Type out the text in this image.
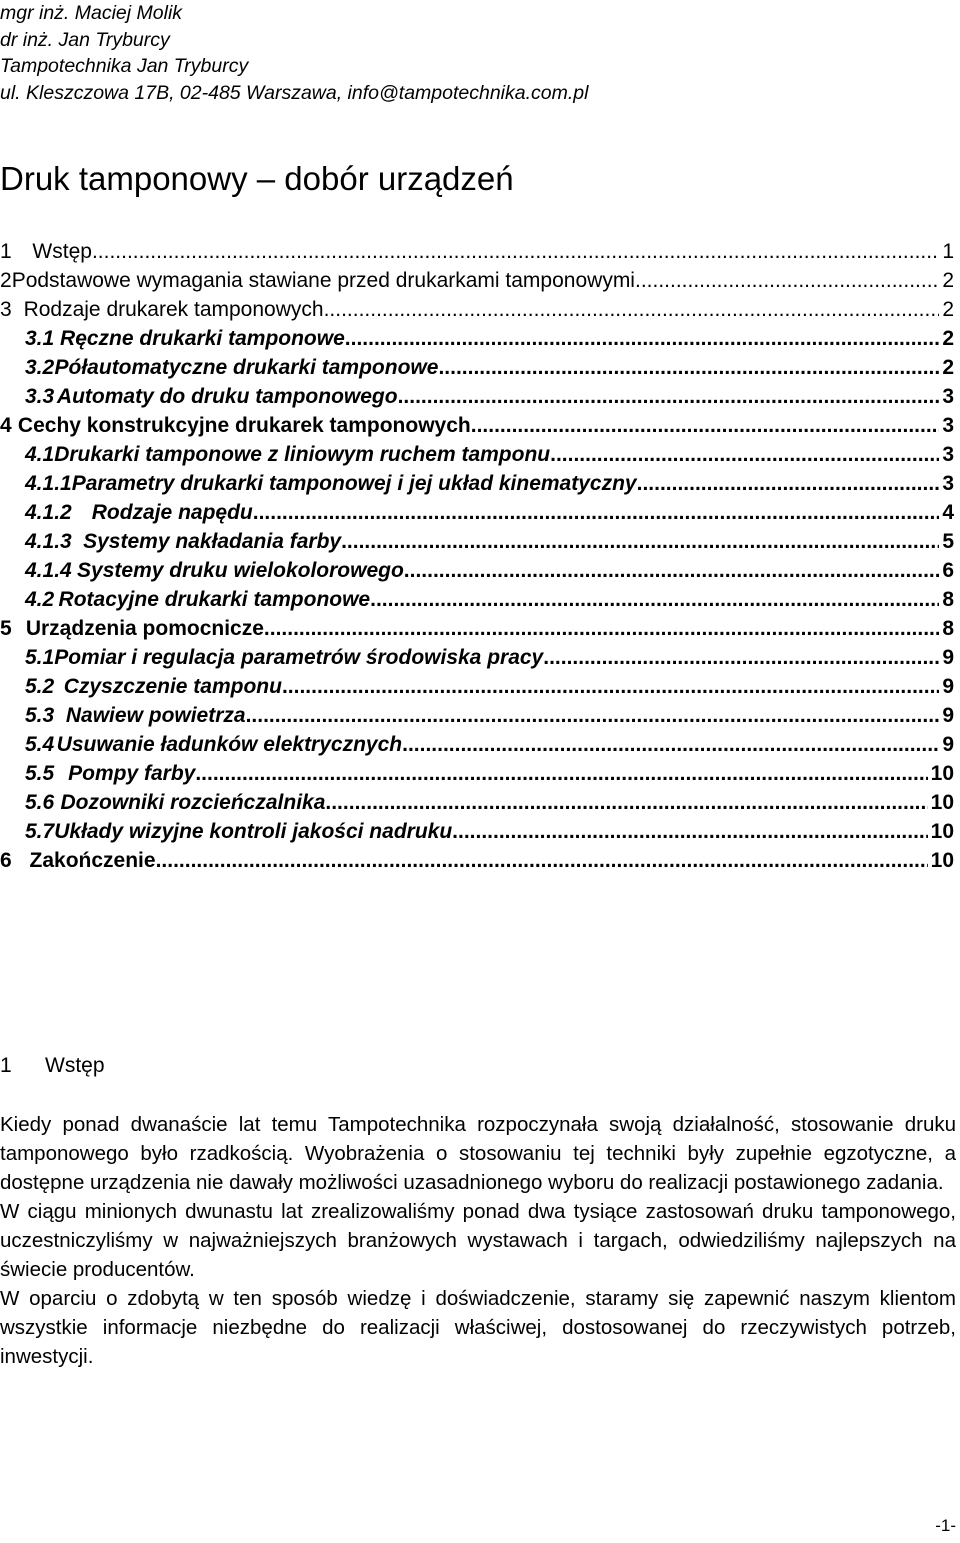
mgr inż. Maciej Molik

dr inż. Jan Tryburcy

Tampotechnika Jan Tryburcy

ul. Kleszczowa 17B, 02-485 Warszawa, info@tampotechnika.com.pl

Druk tamponowy – dobór urządzeń
1 Wstęp .....	1
2 Podstawowe wymagania stawiane przed drukarkami tamponowymi .....	2
3 Rodzaje drukarek tamponowych .....	2
3.1 Ręczne drukarki tamponowe .....	2
3.2 Półautomatyczne drukarki tamponowe .....	2
3.3 Automaty do druku tamponowego .....	3
4 Cechy konstrukcyjne drukarek tamponowych .....	3
4.1 Drukarki tamponowe z liniowym ruchem tamponu .....	3
4.1.1 Parametry drukarki tamponowej i jej układ kinematyczny .....	3
4.1.2 Rodzaje napędu .....	4
4.1.3 Systemy nakładania farby .....	5
4.1.4 Systemy druku wielokolorowego .....	6
4.2 Rotacyjne drukarki tamponowe .....	8
5 Urządzenia pomocnicze .....	8
5.1 Pomiar i regulacja parametrów środowiska pracy .....	9
5.2 Czyszczenie tamponu .....	9
5.3 Nawiew powietrza .....	9
5.4 Usuwanie ładunków elektrycznych .....	9
5.5 Pompy farby .....	10
5.6 Dozowniki rozcieńczalnika .....	10
5.7 Układy wizyjne kontroli jakości nadruku .....	10
6 Zakończenie .....	10
1 Wstęp

Kiedy ponad dwanaście lat temu Tampotechnika rozpoczynała swoją działalność, stosowanie druku tamponowego było rzadkością. Wyobrażenia o stosowaniu tej techniki były zupełnie egzotyczne, a dostępne urządzenia nie dawały możliwości uzasadnionego wyboru do realizacji postawionego zadania.

W ciągu minionych dwunastu lat zrealizowaliśmy ponad dwa tysiące zastosowań druku tamponowego, uczestniczyliśmy w najważniejszych branżowych wystawach i targach, odwiedziliśmy najlepszych na świecie producentów.

W oparciu o zdobytą w ten sposób wiedzę i doświadczenie, staramy się zapewnić naszym klientom wszystkie informacje niezbędne do realizacji właściwej, dostosowanej do rzeczywistych potrzeb, inwestycji.

-1-
